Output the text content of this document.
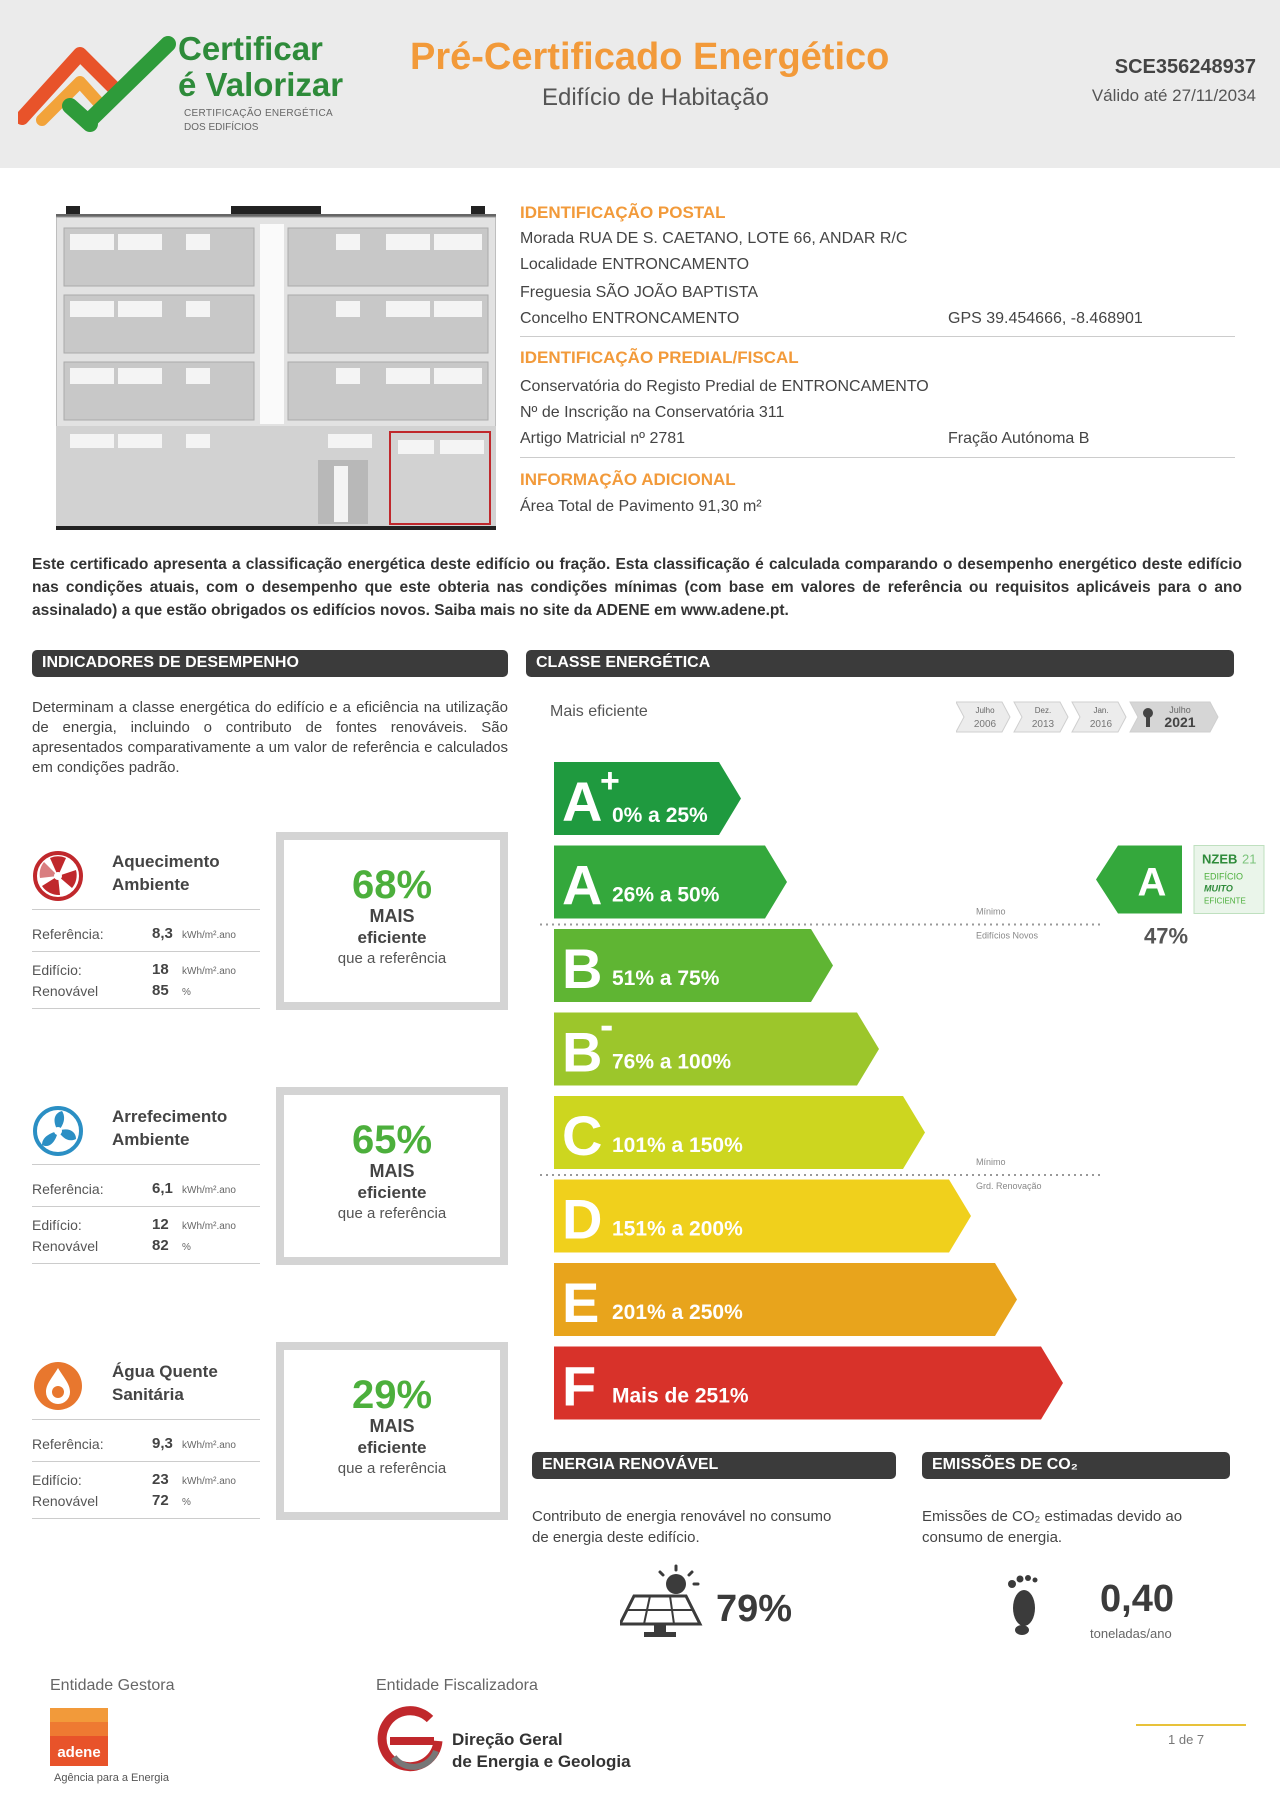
Certificar
é Valorizar
CERTIFICAÇÃO ENERGÉTICA
DOS EDIFÍCIOS
Pré-Certificado Energético
Edifício de Habitação
SCE356248937
Válido até 27/11/2034
IDENTIFICAÇÃO POSTAL
Morada RUA DE S. CAETANO, LOTE 66, ANDAR R/C
Localidade ENTRONCAMENTO
Freguesia SÃO JOÃO BAPTISTA
Concelho ENTRONCAMENTO	GPS 39.454666, -8.468901
IDENTIFICAÇÃO PREDIAL/FISCAL
Conservatória do Registo Predial de ENTRONCAMENTO
Nº de Inscrição na Conservatória 311
Artigo Matricial nº 2781	Fração Autónoma B
INFORMAÇÃO ADICIONAL
Área Total de Pavimento 91,30 m²
Este certificado apresenta a classificação energética deste edifício ou fração. Esta classificação é calculada comparando o desempenho energético deste edifício nas condições atuais, com o desempenho que este obteria nas condições mínimas (com base em valores de referência ou requisitos aplicáveis para o ano assinalado) a que estão obrigados os edifícios novos. Saiba mais no site da ADENE em www.adene.pt.
INDICADORES DE DESEMPENHO	CLASSE ENERGÉTICA
Determinam a classe energética do edifício e a eficiência na utilização de energia, incluindo o contributo de fontes renováveis. São apresentados comparativamente a um valor de referência e calculados em condições padrão.
Aquecimento
Ambiente
Referência:	8,3 kWh/m².ano
Edifício:	18 kWh/m².ano
Renovável	85 %
68%
MAIS
eficiente
que a referência
Arrefecimento
Ambiente
Referência:	6,1 kWh/m².ano
Edifício:	12 kWh/m².ano
Renovável	82 %
65%
MAIS
eficiente
que a referência
Água Quente
Sanitária
Referência:	9,3 kWh/m².ano
Edifício:	23 kWh/m².ano
Renovável	72 %
29%
MAIS
eficiente
que a referência
Mais eficiente	Julho
2006
Dez.
2013
Jan.
2016
Julho
2021
A
+
0% a 25%
A 26% a 50%
B 51% a 75%
B
-
76% a 100%
C 101% a 150%
D 151% a 200%
E 201% a 250%
F Mais de 251%
Mínimo
Edifícios Novos
Mínimo
Grd. Renovação
A
47%
NZEB 21
EDIFÍCIO
MUITO
EFICIENTE
ENERGIA RENOVÁVEL
Contributo de energia renovável no consumo
de energia deste edifício.
79%
EMISSÕES DE CO₂
Emissões de CO₂ estimadas devido ao
consumo de energia.
0,40
toneladas/ano
Entidade Gestora
adene
Agência para a Energia
Entidade Fiscalizadora
Direção Geral
de Energia e Geologia
1 de 7
